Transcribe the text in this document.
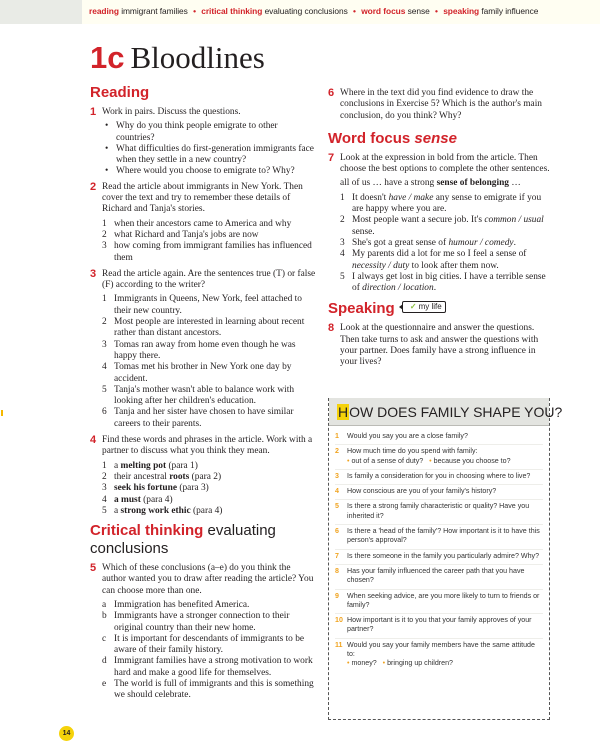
reading immigrant families • critical thinking evaluating conclusions • word focus sense • speaking family influence
1c Bloodlines
Reading
1 Work in pairs. Discuss the questions.
• Why do you think people emigrate to other countries?
• What difficulties do first-generation immigrants face when they settle in a new country?
• Where would you choose to emigrate to? Why?
2 Read the article about immigrants in New York. Then cover the text and try to remember these details of Richard and Tanja's stories.
1 when their ancestors came to America and why
2 what Richard and Tanja's jobs are now
3 how coming from immigrant families has influenced them
3 Read the article again. Are the sentences true (T) or false (F) according to the writer?
1 Immigrants in Queens, New York, feel attached to their new country.
2 Most people are interested in learning about recent rather than distant ancestors.
3 Tomas ran away from home even though he was happy there.
4 Tomas met his brother in New York one day by accident.
5 Tanja's mother wasn't able to balance work with looking after her children's education.
6 Tanja and her sister have chosen to have similar careers to their parents.
4 Find these words and phrases in the article. Work with a partner to discuss what you think they mean.
1 a melting pot (para 1)
2 their ancestral roots (para 2)
3 seek his fortune (para 3)
4 a must (para 4)
5 a strong work ethic (para 4)
Critical thinking evaluating conclusions
5 Which of these conclusions (a–e) do you think the author wanted you to draw after reading the article? You can choose more than one.
a Immigration has benefited America.
b Immigrants have a stronger connection to their original country than their new home.
c It is important for descendants of immigrants to be aware of their family history.
d Immigrant families have a strong motivation to work hard and make a good life for themselves.
e The world is full of immigrants and this is something we should celebrate.
6 Where in the text did you find evidence to draw the conclusions in Exercise 5? Which is the author's main conclusion, do you think? Why?
Word focus sense
7 Look at the expression in bold from the article. Then choose the best options to complete the other sentences.
all of us … have a strong sense of belonging …
1 It doesn't have / make any sense to emigrate if you are happy where you are.
2 Most people want a secure job. It's common / usual sense.
3 She's got a great sense of humour / comedy.
4 My parents did a lot for me so I feel a sense of necessity / duty to look after them now.
5 I always get lost in big cities. I have a terrible sense of direction / location.
Speaking ✓ my life
8 Look at the questionnaire and answer the questions. Then take turns to ask and answer the questions with your partner. Does family have a strong influence in your lives?
HOW DOES FAMILY SHAPE YOU?
1	Would you say you are a close family?
2	How much time do you spend with family:
• out of a sense of duty? • because you choose to?
3	Is family a consideration for you in choosing where to live?
4	How conscious are you of your family's history?
5	Is there a strong family characteristic or quality? Have you inherited it?
6	Is there a 'head of the family'? How important is it to have this person's approval?
7	Is there someone in the family you particularly admire? Why?
8	Has your family influenced the career path that you have chosen?
9	When seeking advice, are you more likely to turn to friends or family?
10 How important is it to you that your family approves of your partner?
11 Would you say your family members have the same attitude to:
• money? • bringing up children?
14
